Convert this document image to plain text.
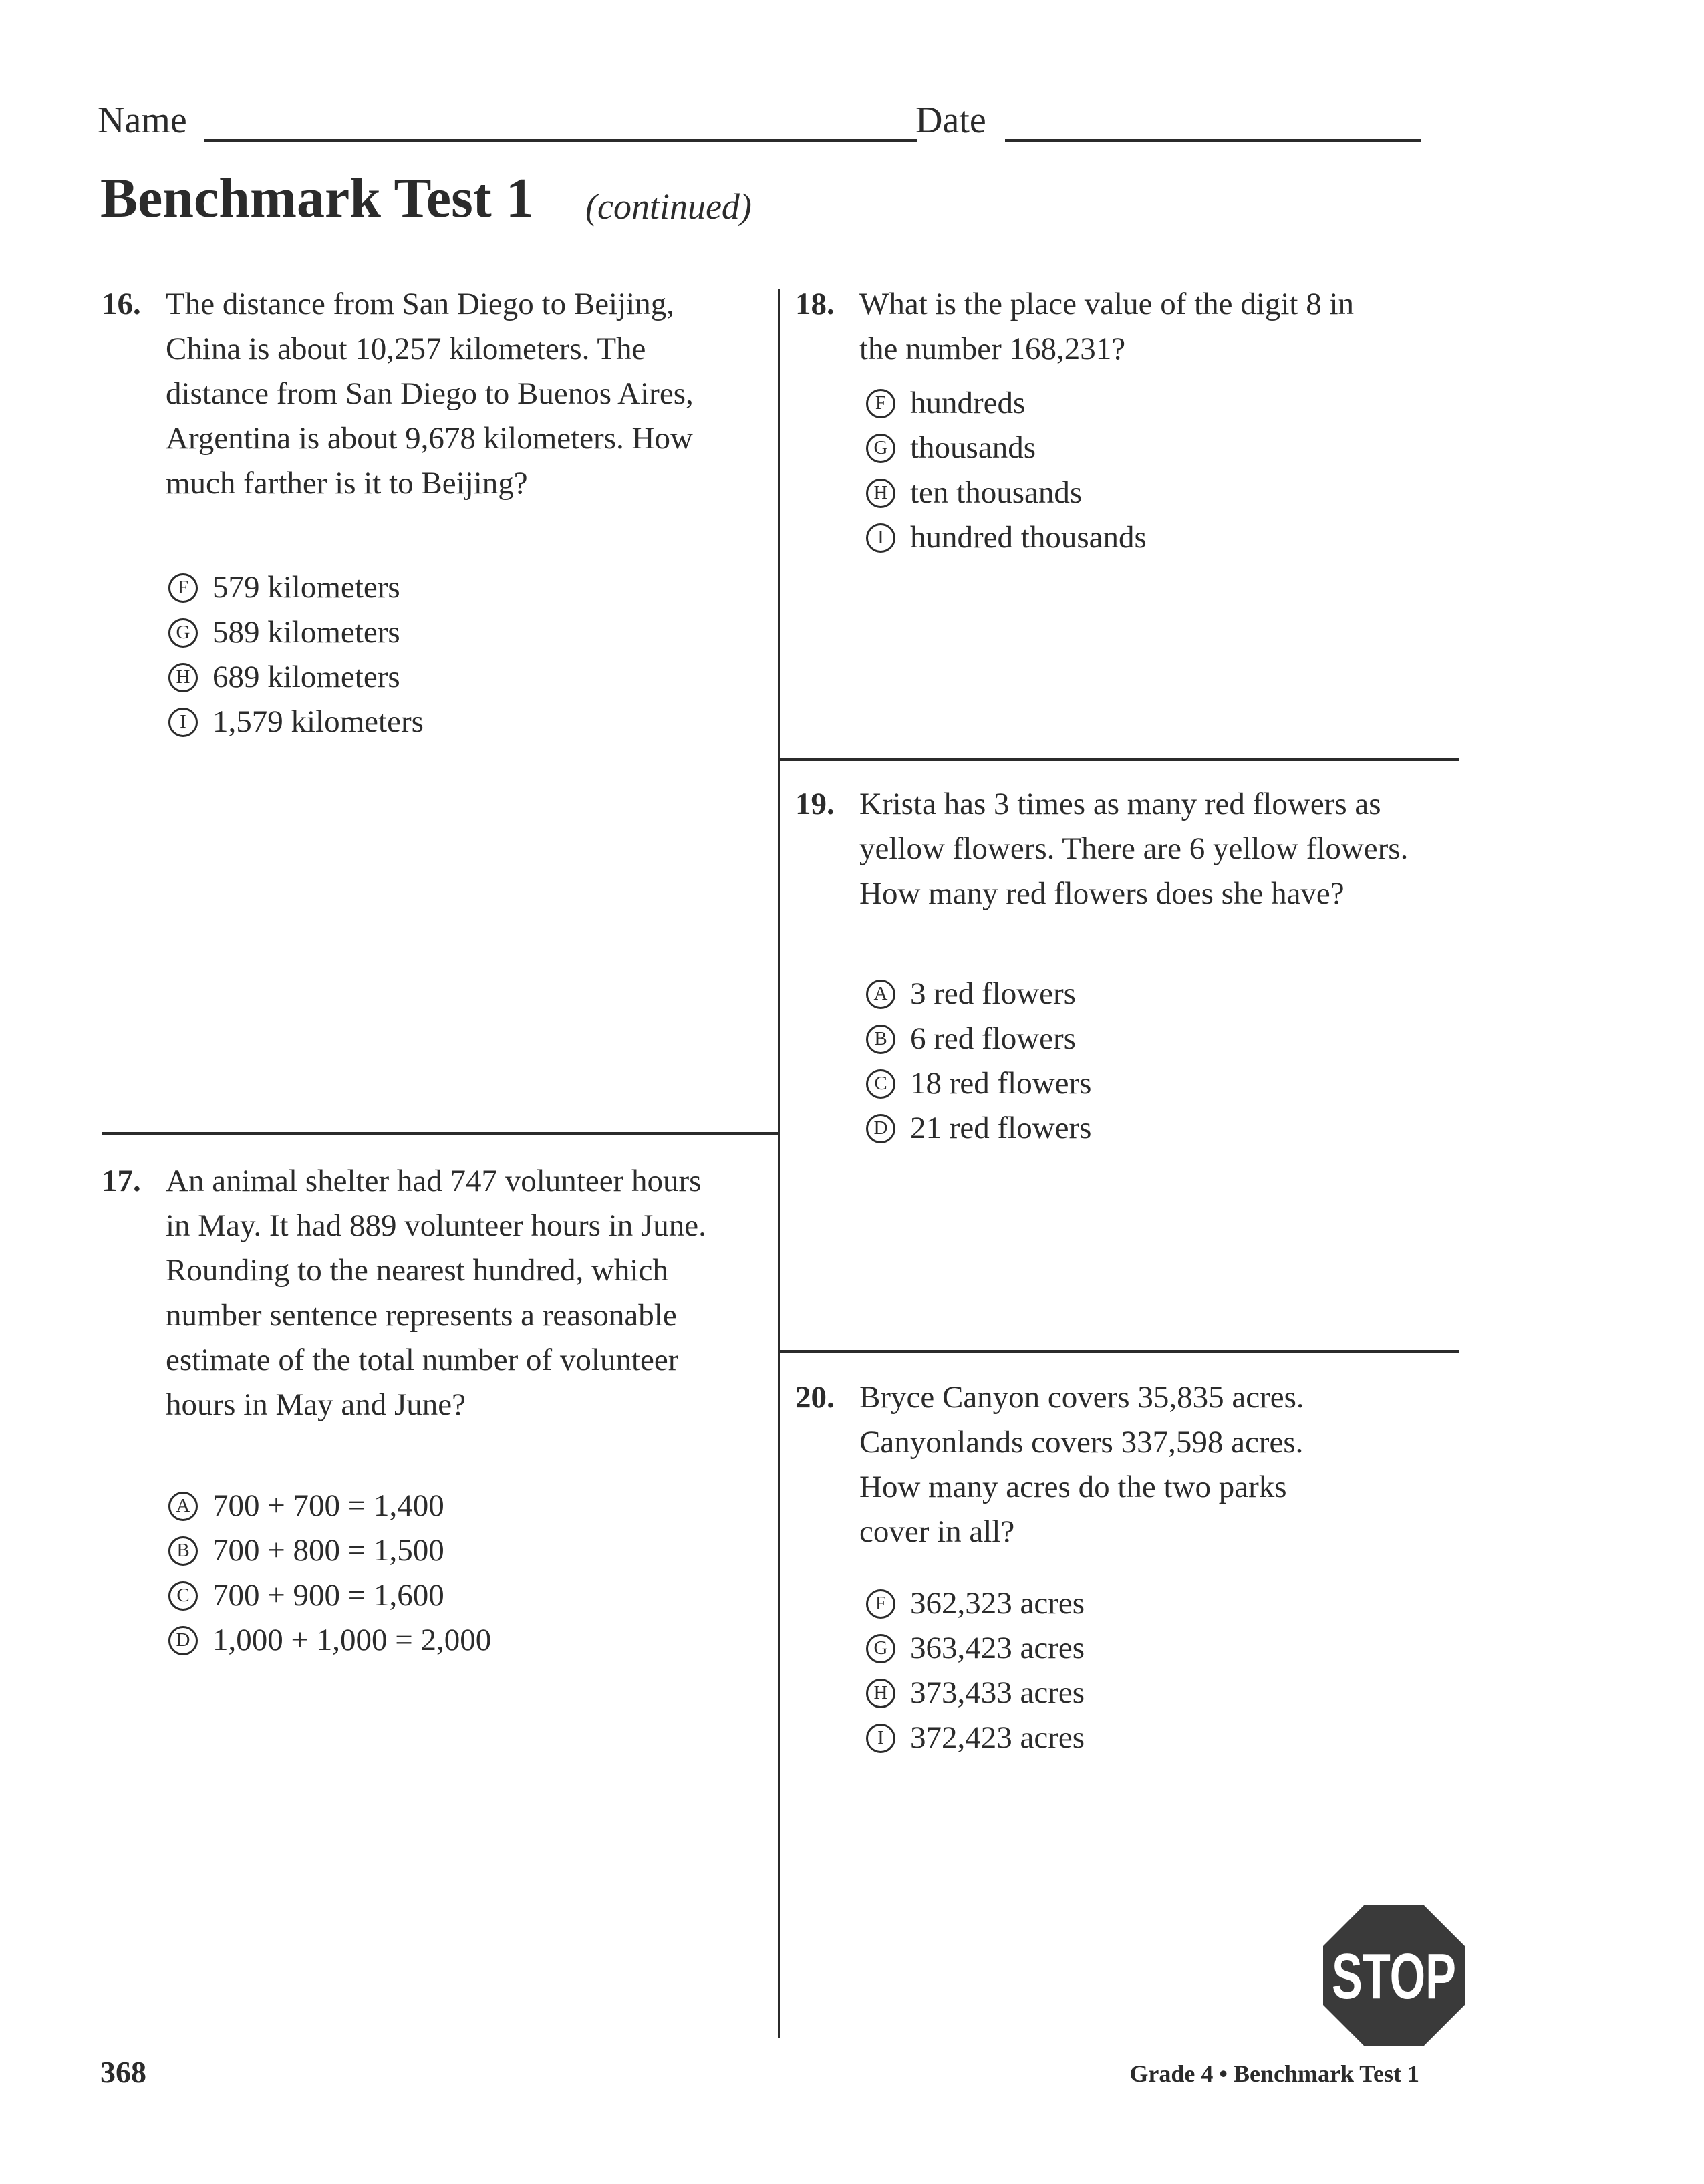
Name	Date
Benchmark Test 1 (continued)
16. The distance from San Diego to Beijing,
China is about 10,257 kilometers. The
distance from San Diego to Buenos Aires,
Argentina is about 9,678 kilometers. How
much farther is it to Beijing?
F 579 kilometers
G 589 kilometers
H 689 kilometers
I 1,579 kilometers
17. An animal shelter had 747 volunteer hours
in May. It had 889 volunteer hours in June.
Rounding to the nearest hundred, which
number sentence represents a reasonable
estimate of the total number of volunteer
hours in May and June?
A 700 + 700 = 1,400
B 700 + 800 = 1,500
C 700 + 900 = 1,600
D 1,000 + 1,000 = 2,000
18. What is the place value of the digit 8 in
the number 168,231?
F hundreds
G thousands
H ten thousands
I hundred thousands
19. Krista has 3 times as many red flowers as
yellow flowers. There are 6 yellow flowers.
How many red flowers does she have?
A 3 red flowers
B 6 red flowers
C 18 red flowers
D 21 red flowers
20. Bryce Canyon covers 35,835 acres.
Canyonlands covers 337,598 acres.
How many acres do the two parks
cover in all?
F 362,323 acres
G 363,423 acres
H 373,433 acres
I 372,423 acres
STOP
368	Grade 4 • Benchmark Test 1
